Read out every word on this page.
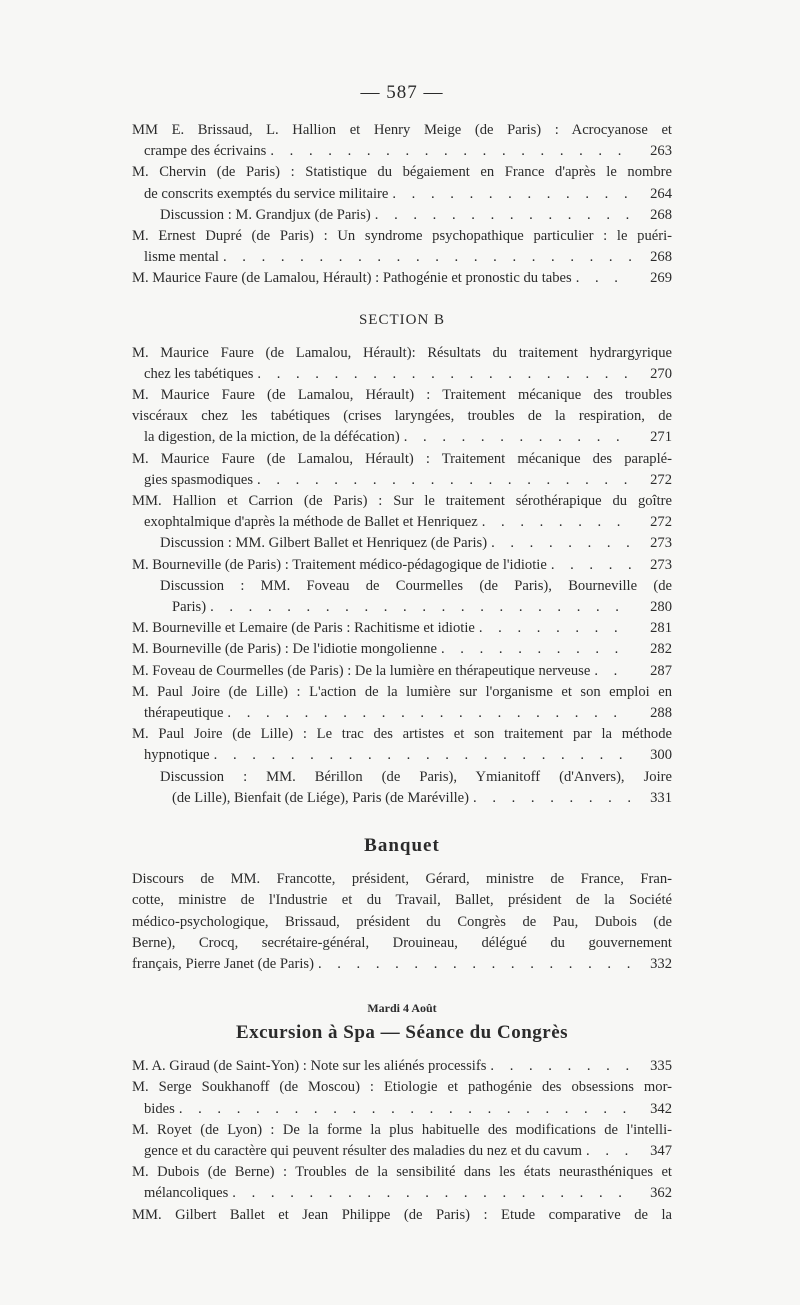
— 587 —
MM E. Brissaud, L. Hallion et Henry Meige (de Paris) : Acrocyanose et
crampe des écrivains . . .	263
M. Chervin (de Paris) : Statistique du bégaiement en France d'après le nombre
de conscrits exemptés du service militaire . . .	264
Discussion : M. Grandjux (de Paris) . . .	268
M. Ernest Dupré (de Paris) : Un syndrome psychopathique particulier : le puéri-
lisme mental . . .	268
M. Maurice Faure (de Lamalou, Hérault) : Pathogénie et pronostic du tabes . . .	269
SECTION B
M. Maurice Faure (de Lamalou, Hérault): Résultats du traitement hydrargyrique
chez les tabétiques . . .	270
M. Maurice Faure (de Lamalou, Hérault) : Traitement mécanique des troubles
viscéraux chez les tabétiques (crises laryngées, troubles de la respiration, de
la digestion, de la miction, de la défécation) . . .	271
M. Maurice Faure (de Lamalou, Hérault) : Traitement mécanique des paraplé-
gies spasmodiques . . .	272
MM. Hallion et Carrion (de Paris) : Sur le traitement sérothérapique du goître
exophtalmique d'après la méthode de Ballet et Henriquez . . .	272
Discussion : MM. Gilbert Ballet et Henriquez (de Paris) . . .	273
M. Bourneville (de Paris) : Traitement médico-pédagogique de l'idiotie . . .	273
Discussion : MM. Foveau de Courmelles (de Paris), Bourneville (de
Paris) . . .	280
M. Bourneville et Lemaire (de Paris : Rachitisme et idiotie . . .	281
M. Bourneville (de Paris) : De l'idiotie mongolienne . . .	282
M. Foveau de Courmelles (de Paris) : De la lumière en thérapeutique nerveuse . . .	287
M. Paul Joire (de Lille) : L'action de la lumière sur l'organisme et son emploi en
thérapeutique . . .	288
M. Paul Joire (de Lille) : Le trac des artistes et son traitement par la méthode
hypnotique . . .	300
Discussion : MM. Bérillon (de Paris), Ymianitoff (d'Anvers), Joire
(de Lille), Bienfait (de Liége), Paris (de Maréville) . . .	331
Banquet
Discours de MM. Francotte, président, Gérard, ministre de France, Fran-
cotte, ministre de l'Industrie et du Travail, Ballet, président de la Société
médico-psychologique, Brissaud, président du Congrès de Pau, Dubois (de
Berne), Crocq, secrétaire-général, Drouineau, délégué du gouvernement
français, Pierre Janet (de Paris) . . .	332
Mardi 4 Août
Excursion à Spa — Séance du Congrès
M. A. Giraud (de Saint-Yon) : Note sur les aliénés processifs . . .	335
M. Serge Soukhanoff (de Moscou) : Etiologie et pathogénie des obsessions mor-
bides . . .	342
M. Royet (de Lyon) : De la forme la plus habituelle des modifications de l'intelli-
gence et du caractère qui peuvent résulter des maladies du nez et du cavum . . .	347
M. Dubois (de Berne) : Troubles de la sensibilité dans les états neurasthéniques et
mélancoliques . . .	362
MM. Gilbert Ballet et Jean Philippe (de Paris) : Etude comparative de la
